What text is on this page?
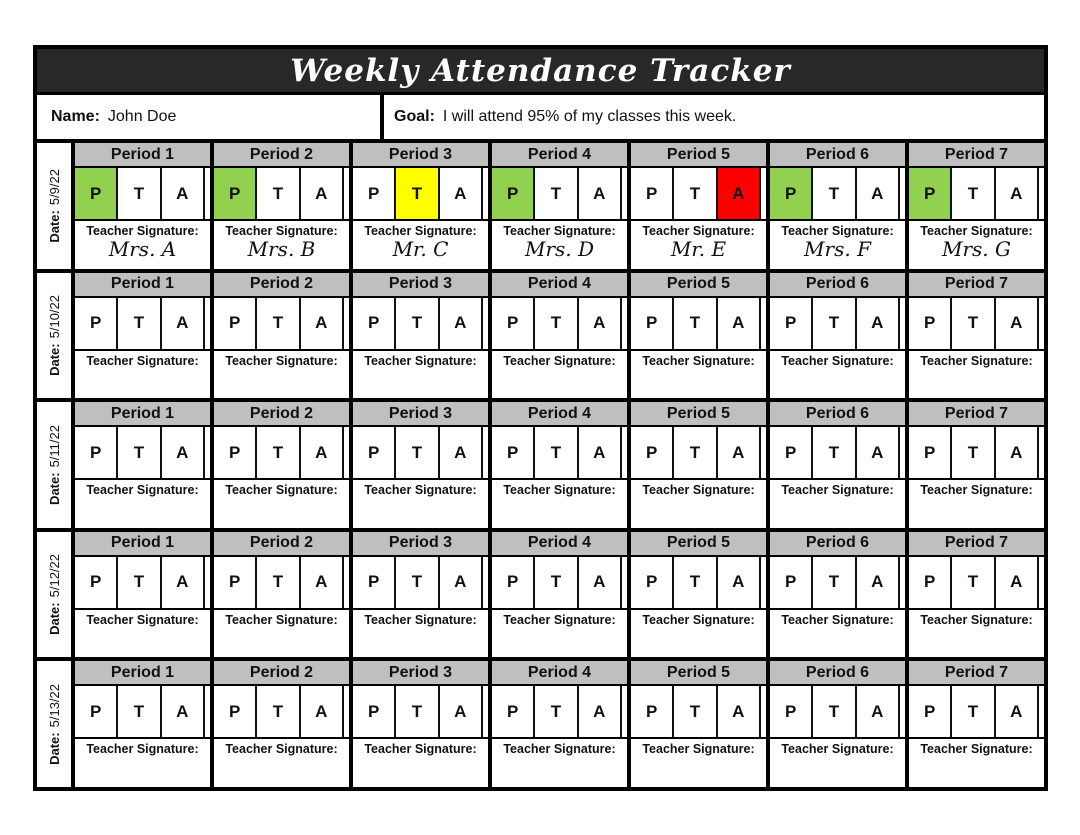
Weekly Attendance Tracker
Name: John Doe	Goal: I will attend 95% of my classes this week.
Date:5/9/22
Period 1
P T A
Teacher Signature:
Mrs. A
Period 2
P T A
Teacher Signature:
Mrs. B
Period 3
P T A
Teacher Signature:
Mr. C
Period 4
P T A
Teacher Signature:
Mrs. D
Period 5
P T A
Teacher Signature:
Mr. E
Period 6
P T A
Teacher Signature:
Mrs. F
Period 7
P T A
Teacher Signature:
Mrs. G
Date:5/10/22
Period 1
P T A
Teacher Signature:
Period 2
P T A
Teacher Signature:
Period 3
P T A
Teacher Signature:
Period 4
P T A
Teacher Signature:
Period 5
P T A
Teacher Signature:
Period 6
P T A
Teacher Signature:
Period 7
P T A
Teacher Signature:
Date:5/11/22
Period 1
P T A
Teacher Signature:
Period 2
P T A
Teacher Signature:
Period 3
P T A
Teacher Signature:
Period 4
P T A
Teacher Signature:
Period 5
P T A
Teacher Signature:
Period 6
P T A
Teacher Signature:
Period 7
P T A
Teacher Signature:
Date:5/12/22
Period 1
P T A
Teacher Signature:
Period 2
P T A
Teacher Signature:
Period 3
P T A
Teacher Signature:
Period 4
P T A
Teacher Signature:
Period 5
P T A
Teacher Signature:
Period 6
P T A
Teacher Signature:
Period 7
P T A
Teacher Signature:
Date:5/13/22
Period 1
P T A
Teacher Signature:
Period 2
P T A
Teacher Signature:
Period 3
P T A
Teacher Signature:
Period 4
P T A
Teacher Signature:
Period 5
P T A
Teacher Signature:
Period 6
P T A
Teacher Signature:
Period 7
P T A
Teacher Signature:
